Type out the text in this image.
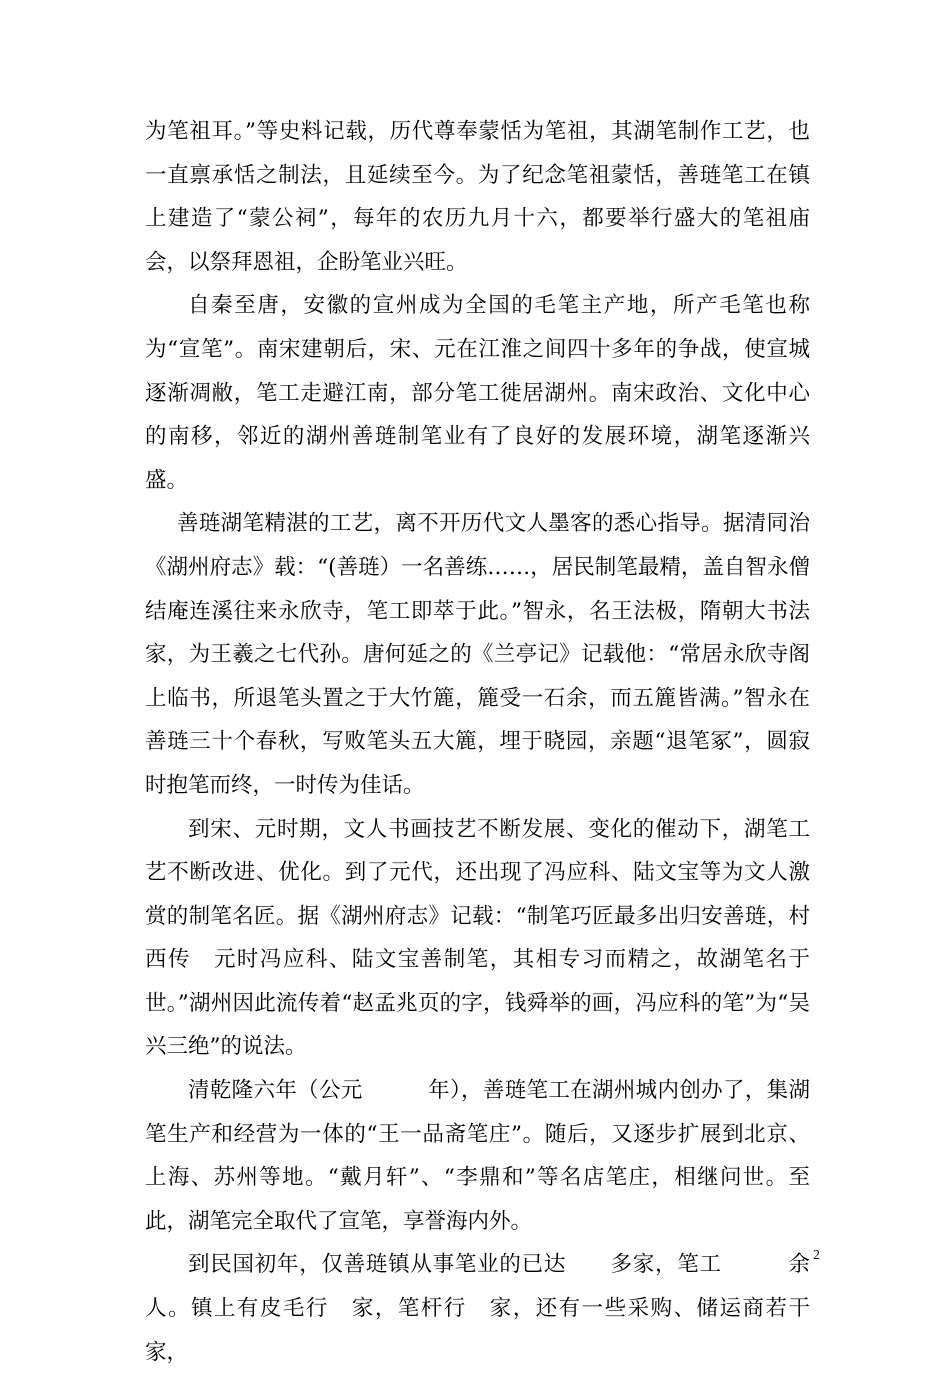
为笔祖耳。”等史料记载，历代尊奉蒙恬为笔祖，其湖笔制作工艺，也一直禀承恬之制法，且延续至今。为了纪念笔祖蒙恬，善琏笔工在镇上建造了“蒙公祠”，每年的农历九月十六，都要举行盛大的笔祖庙会，以祭拜恩祖，企盼笔业兴旺。

自秦至唐，安徽的宣州成为全国的毛笔主产地，所产毛笔也称为“宣笔”。南宋建朝后，宋、元在江淮之间四十多年的争战，使宣城逐渐凋敝，笔工走避江南，部分笔工徙居湖州。南宋政治、文化中心的南移，邻近的湖州善琏制笔业有了良好的发展环境，湖笔逐渐兴盛。

善琏湖笔精湛的工艺，离不开历代文人墨客的悉心指导。据清同治《湖州府志》载：“(善琏）一名善练……，居民制笔最精，盖自智永僧结庵连溪往来永欣寺，笔工即萃于此。”智永，名王法极，隋朝大书法家，为王羲之七代孙。唐何延之的《兰亭记》记载他：“常居永欣寺阁上临书，所退笔头置之于大竹簏，簏受一石余，而五簏皆满。”智永在善琏三十个春秋，写败笔头五大簏，埋于晓园，亲题“退笔冢”，圆寂时抱笔而终，一时传为佳话。

到宋、元时期，文人书画技艺不断发展、变化的催动下，湖笔工艺不断改进、优化。到了元代，还出现了冯应科、陆文宝等为文人激赏的制笔名匠。据《湖州府志》记载：“制笔巧匠最多出归安善琏，村西传　元时冯应科、陆文宝善制笔，其相专习而精之，故湖笔名于世。”湖州因此流传着“赵孟兆页的字，钱舜举的画，冯应科的笔”为“吴兴三绝”的说法。

清乾隆六年（公元　　　年），善琏笔工在湖州城内创办了，集湖笔生产和经营为一体的“王一品斋笔庄”。随后，又逐步扩展到北京、上海、苏州等地。“戴月轩”、“李鼎和”等名店笔庄，相继问世。至此，湖笔完全取代了宣笔，享誉海内外。

到民国初年，仅善琏镇从事笔业的已达　　多家，笔工　　　余人。镇上有皮毛行　家，笔杆行　家，还有一些采购、储运商若干家，

2
